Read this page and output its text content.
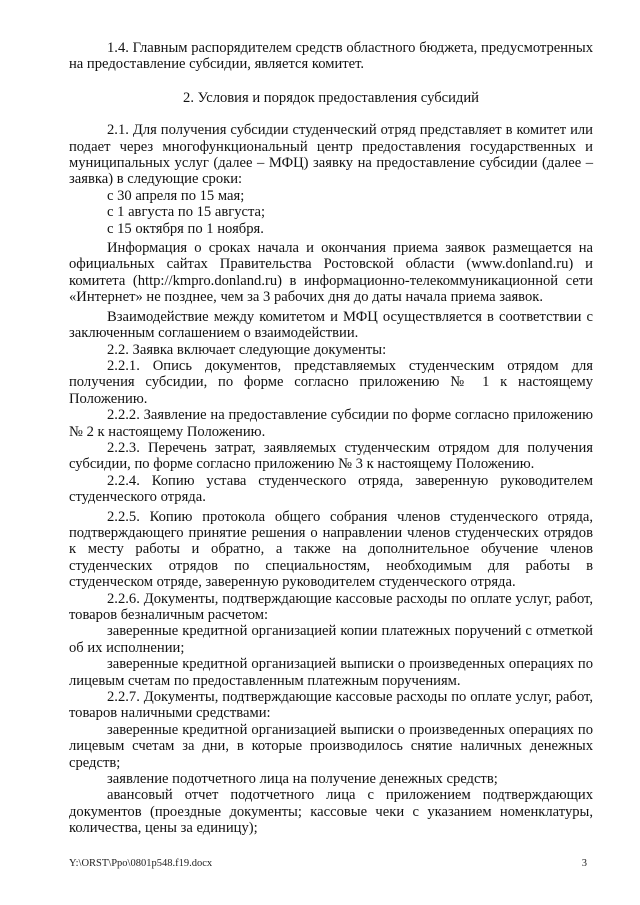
1.4. Главным распорядителем средств областного бюджета, предусмотренных на предоставление субсидии, является комитет.

2. Условия и порядок предоставления субсидий

2.1. Для получения субсидии студенческий отряд представляет в комитет или подает через многофункциональный центр предоставления государственных и муниципальных услуг (далее – МФЦ) заявку на предоставление субсидии (далее – заявка) в следующие сроки:

с 30 апреля по 15 мая;

с 1 августа по 15 августа;

с 15 октября по 1 ноября.

Информация о сроках начала и окончания приема заявок размещается на официальных сайтах Правительства Ростовской области (www.donland.ru) и комитета (http://kmpro.donland.ru) в информационно-телекоммуникационной сети «Интернет» не позднее, чем за 3 рабочих дня до даты начала приема заявок.

Взаимодействие между комитетом и МФЦ осуществляется в соответствии с заключенным соглашением о взаимодействии.

2.2. Заявка включает следующие документы:

2.2.1. Опись документов, представляемых студенческим отрядом для получения субсидии, по форме согласно приложению № 1 к настоящему Положению.

2.2.2. Заявление на предоставление субсидии по форме согласно приложению № 2 к настоящему Положению.

2.2.3. Перечень затрат, заявляемых студенческим отрядом для получения субсидии, по форме согласно приложению № 3 к настоящему Положению.

2.2.4. Копию устава студенческого отряда, заверенную руководителем студенческого отряда.

2.2.5. Копию протокола общего собрания членов студенческого отряда, подтверждающего принятие решения о направлении членов студенческих отрядов к месту работы и обратно, а также на дополнительное обучение членов студенческих отрядов по специальностям, необходимым для работы в студенческом отряде, заверенную руководителем студенческого отряда.

2.2.6. Документы, подтверждающие кассовые расходы по оплате услуг, работ, товаров безналичным расчетом:

заверенные кредитной организацией копии платежных поручений с отметкой об их исполнении;

заверенные кредитной организацией выписки о произведенных операциях по лицевым счетам по предоставленным платежным поручениям.

2.2.7. Документы, подтверждающие кассовые расходы по оплате услуг, работ, товаров наличными средствами:

заверенные кредитной организацией выписки о произведенных операциях по лицевым счетам за дни, в которые производилось снятие наличных денежных средств;

заявление подотчетного лица на получение денежных средств;

авансовый отчет подотчетного лица с приложением подтверждающих документов (проездные документы; кассовые чеки с указанием номенклатуры, количества, цены за единицу);

Y:\ORST\Ppo\0801p548.f19.docx	3
